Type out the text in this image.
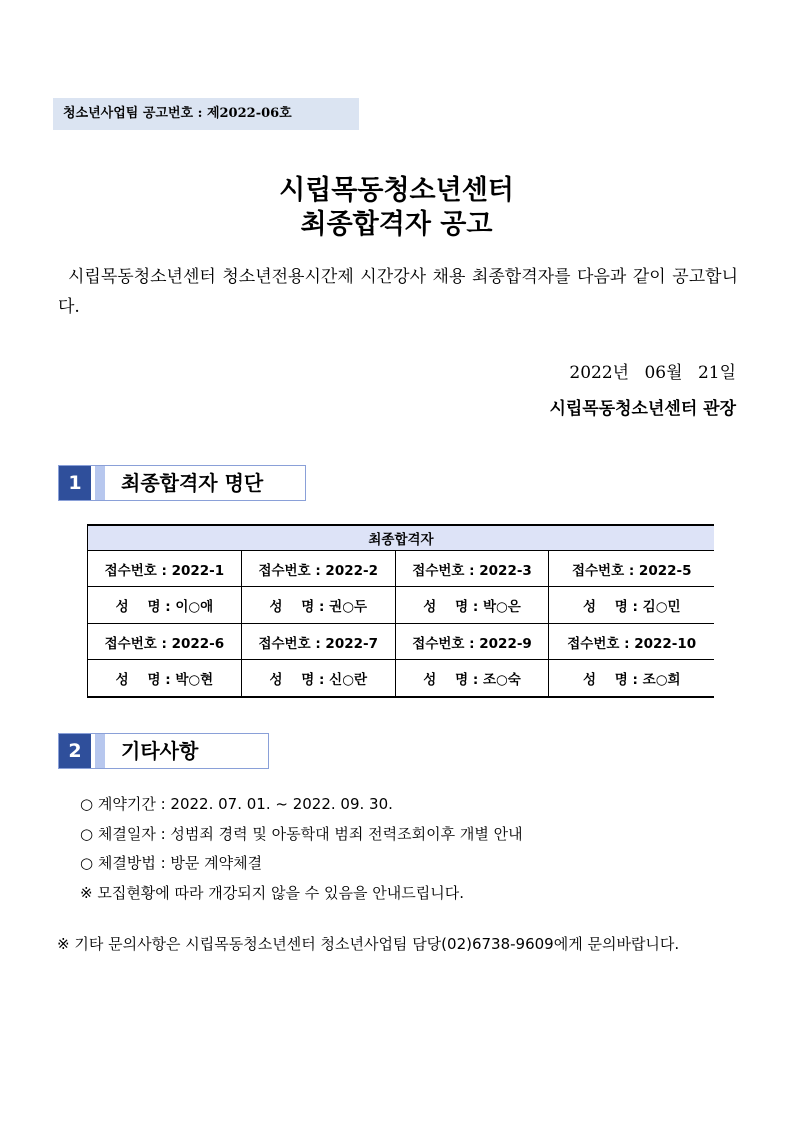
청소년사업팀 공고번호 : 제2022-06호
시립목동청소년센터
최종합격자 공고
시립목동청소년센터 청소년전용시간제 시간강사 채용 최종합격자를 다음과 같이 공고합니다.
2022년 06월 21일
시립목동청소년센터 관장
1	최종합격자 명단
최종합격자			
접수번호 : 2022-1	접수번호 : 2022-2	접수번호 : 2022-3	접수번호 : 2022-5
성    명 : 이○애	성    명 : 권○두	성    명 : 박○은	성    명 : 김○민
접수번호 : 2022-6	접수번호 : 2022-7	접수번호 : 2022-9	접수번호 : 2022-10
성    명 : 박○현	성    명 : 신○란	성    명 : 조○숙	성    명 : 조○희
2	기타사항
○ 계약기간 : 2022. 07. 01. ~ 2022. 09. 30.
○ 체결일자 : 성범죄 경력 및 아동학대 범죄 전력조회이후 개별 안내
○ 체결방법 : 방문 계약체결
※ 모집현황에 따라 개강되지 않을 수 있음을 안내드립니다.
※ 기타 문의사항은 시립목동청소년센터 청소년사업팀 담당(02)6738-9609에게 문의바랍니다.
